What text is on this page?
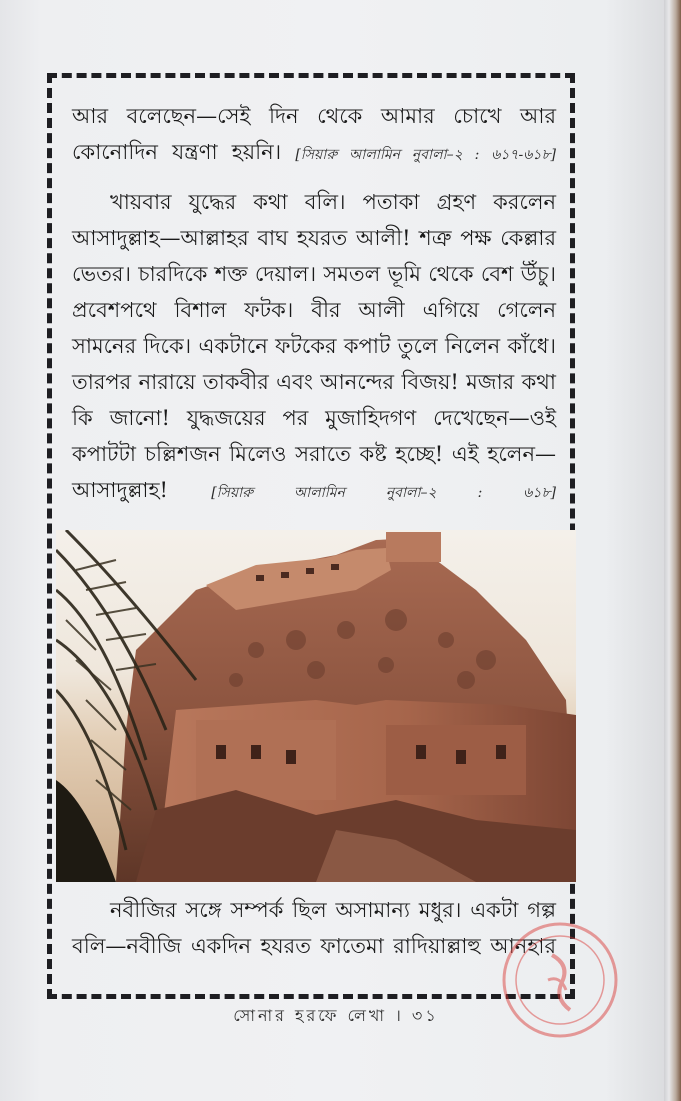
আর বলেছেন—সেই দিন থেকে আমার চোখে আর কোনোদিন যন্ত্রণা হয়নি। [সিয়ারু আলামিন নুবালা–২ : ৬১৭-৬১৮]

খায়বার যুদ্ধের কথা বলি। পতাকা গ্রহণ করলেন আসাদুল্লাহ—আল্লাহর বাঘ হযরত আলী! শত্রু পক্ষ কেল্লার ভেতর। চারদিকে শক্ত দেয়াল। সমতল ভূমি থেকে বেশ উঁচু। প্রবেশপথে বিশাল ফটক। বীর আলী এগিয়ে গেলেন সামনের দিকে। একটানে ফটকের কপাট তুলে নিলেন কাঁধে। তারপর নারায়ে তাকবীর এবং আনন্দের বিজয়! মজার কথা কি জানো! যুদ্ধজয়ের পর মুজাহিদগণ দেখেছেন—ওই কপাটটা চল্লিশজন মিলেও সরাতে কষ্ট হচ্ছে! এই হলেন—আসাদুল্লাহ!	[সিয়ারু আলামিন নুবালা–২ : ৬১৮]

নবীজির সঙ্গে সম্পর্ক ছিল অসামান্য মধুর। একটা গল্প বলি—নবীজি একদিন হযরত ফাতেমা রাদিয়াল্লাহু আনহার

সোনার হরফে লেখা । ৩১
